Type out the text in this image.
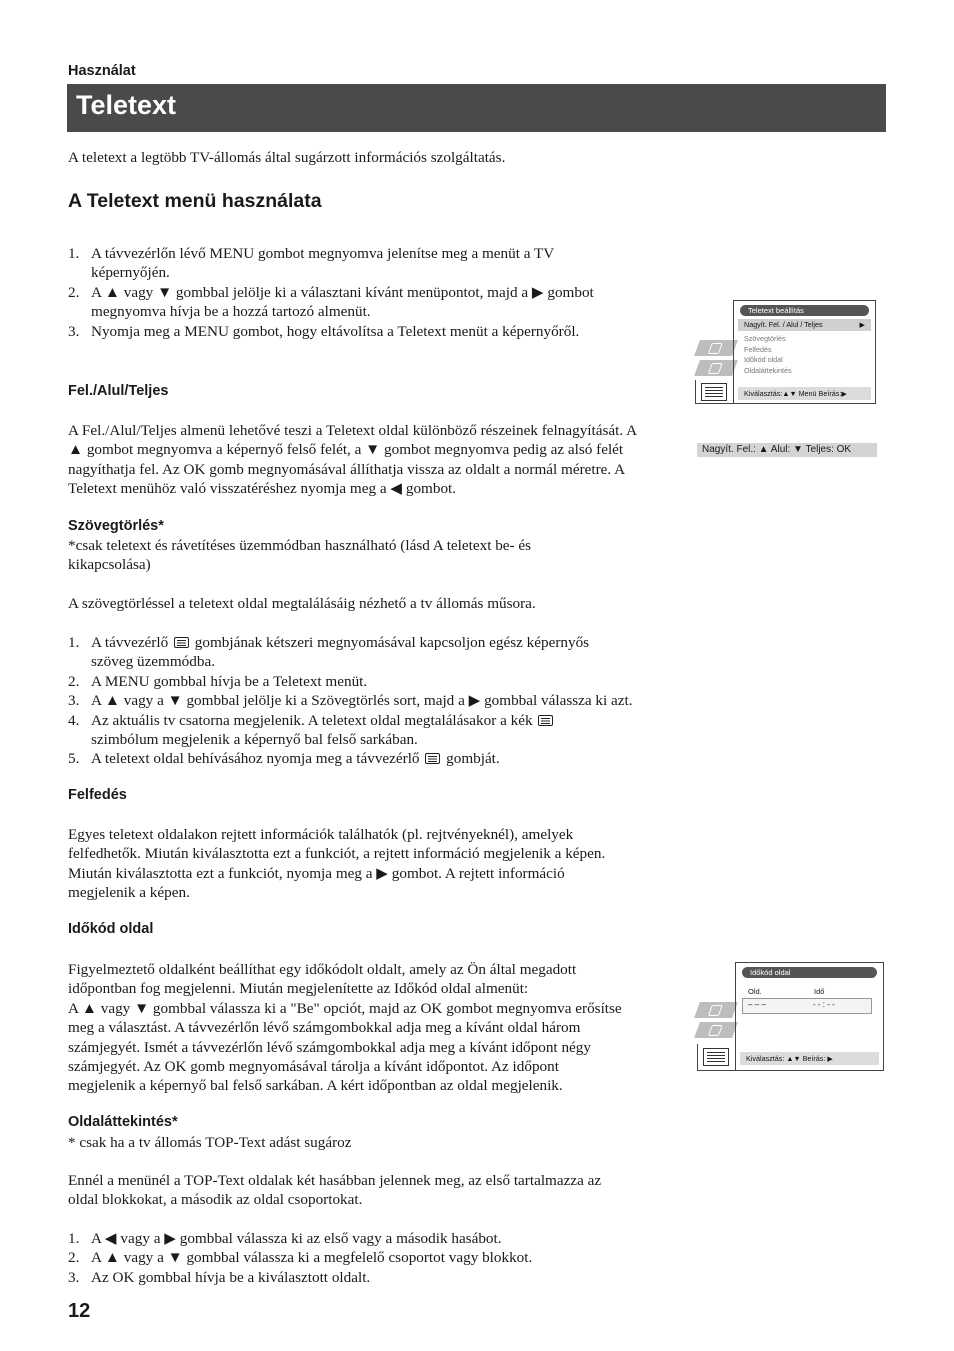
Használat
Teletext
A teletext a legtöbb TV-állomás által sugárzott információs szolgáltatás.
A Teletext menü használata
1. A távvezérlőn lévő MENU gombot megnyomva jelenítse meg a menüt a TV
képernyőjén.
2. A ▲ vagy ▼ gombbal jelölje ki a választani kívánt menüpontot, majd a ▶ gombot
megnyomva hívja be a hozzá tartozó almenüt.
3. Nyomja meg a MENU gombot, hogy eltávolítsa a Teletext menüt a képernyőről.
Fel./Alul/Teljes
A Fel./Alul/Teljes almenü lehetővé teszi a Teletext oldal különböző részeinek felnagyítását. A
▲ gombot megnyomva a képernyő felső felét, a ▼ gombot megnyomva pedig az alsó felét
nagyíthatja fel. Az OK gomb megnyomásával állíthatja vissza az oldalt a normál méretre. A
Teletext menühöz való visszatéréshez nyomja meg a ◀ gombot.
Szövegtörlés*
*csak teletext és rávetítéses üzemmódban használható (lásd A teletext be- és
kikapcsolása)
A szövegtörléssel a teletext oldal megtalálásáig nézhető a tv állomás műsora.
1. A távvezérlő gombjának kétszeri megnyomásával kapcsoljon egész képernyős
szöveg üzemmódba.
2. A MENU gombbal hívja be a Teletext menüt.
3. A ▲ vagy a ▼ gombbal jelölje ki a Szövegtörlés sort, majd a ▶ gombbal válassza ki azt.
4. Az aktuális tv csatorna megjelenik. A teletext oldal megtalálásakor a kék
szimbólum megjelenik a képernyő bal felső sarkában.
5. A teletext oldal behívásához nyomja meg a távvezérlő gombját.
Felfedés
Egyes teletext oldalakon rejtett információk találhatók (pl. rejtvényeknél), amelyek
felfedhetők. Miután kiválasztotta ezt a funkciót, a rejtett információ megjelenik a képen.
Miután kiválasztotta ezt a funkciót, nyomja meg a ▶ gombot. A rejtett információ
megjelenik a képen.
Időkód oldal
Figyelmeztető oldalként beállíthat egy időkódolt oldalt, amely az Ön által megadott
időpontban fog megjelenni. Miután megjelenítette az Időkód oldal almenüt:
A ▲ vagy ▼ gombbal válassza ki a "Be" opciót, majd az OK gombot megnyomva erősítse
meg a választást. A távvezérlőn lévő számgombokkal adja meg a kívánt oldal három
számjegyét. Ismét a távvezérlőn lévő számgombokkal adja meg a kívánt időpont négy
számjegyét. Az OK gomb megnyomásával tárolja a kívánt időpontot. Az időpont
megjelenik a képernyő bal felső sarkában. A kért időpontban az oldal megjelenik.
Oldaláttekintés*
* csak ha a tv állomás TOP-Text adást sugároz
Ennél a menünél a TOP-Text oldalak két hasábban jelennek meg, az első tartalmazza az
oldal blokkokat, a második az oldal csoportokat.
1. A ◀ vagy a ▶ gombbal válassza ki az első vagy a második hasábot.
2. A ▲ vagy a ▼ gombbal válassza ki a megfelelő csoportot vagy blokkot.
3. Az OK gombbal hívja be a kiválasztott oldalt.
12
Teletext beállítás
Nagyít. Fel. / Alul / Teljes	▶
Szövegtörlés
Felfedés
Időkód oldal
Oldaláttekintés
Kiválasztás:▲▼ Menü Beírás:▶
Nagyít. Fel.: ▲ Alul: ▼ Teljes: OK
Időkód oldal
Old.	Idő
– – –	- - : - -
Kiválasztás: ▲▼ Beírás: ▶
